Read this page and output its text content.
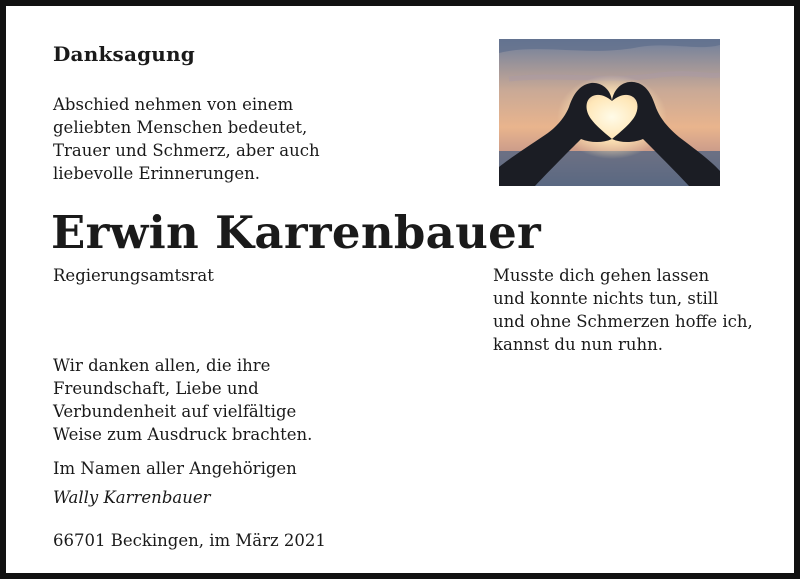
Danksagung
Abschied nehmen von einem
geliebten Menschen bedeutet,
Trauer und Schmerz, aber auch
liebevolle Erinnerungen.
Erwin Karrenbauer
Regierungsamtsrat	Musste dich gehen lassen
und konnte nichts tun, still
und ohne Schmerzen hoffe ich,
kannst du nun ruhn.
Wir danken allen, die ihre
Freundschaft, Liebe und
Verbundenheit auf vielfältige
Weise zum Ausdruck brachten.
Im Namen aller Angehörigen
Wally Karrenbauer
66701 Beckingen, im März 2021
